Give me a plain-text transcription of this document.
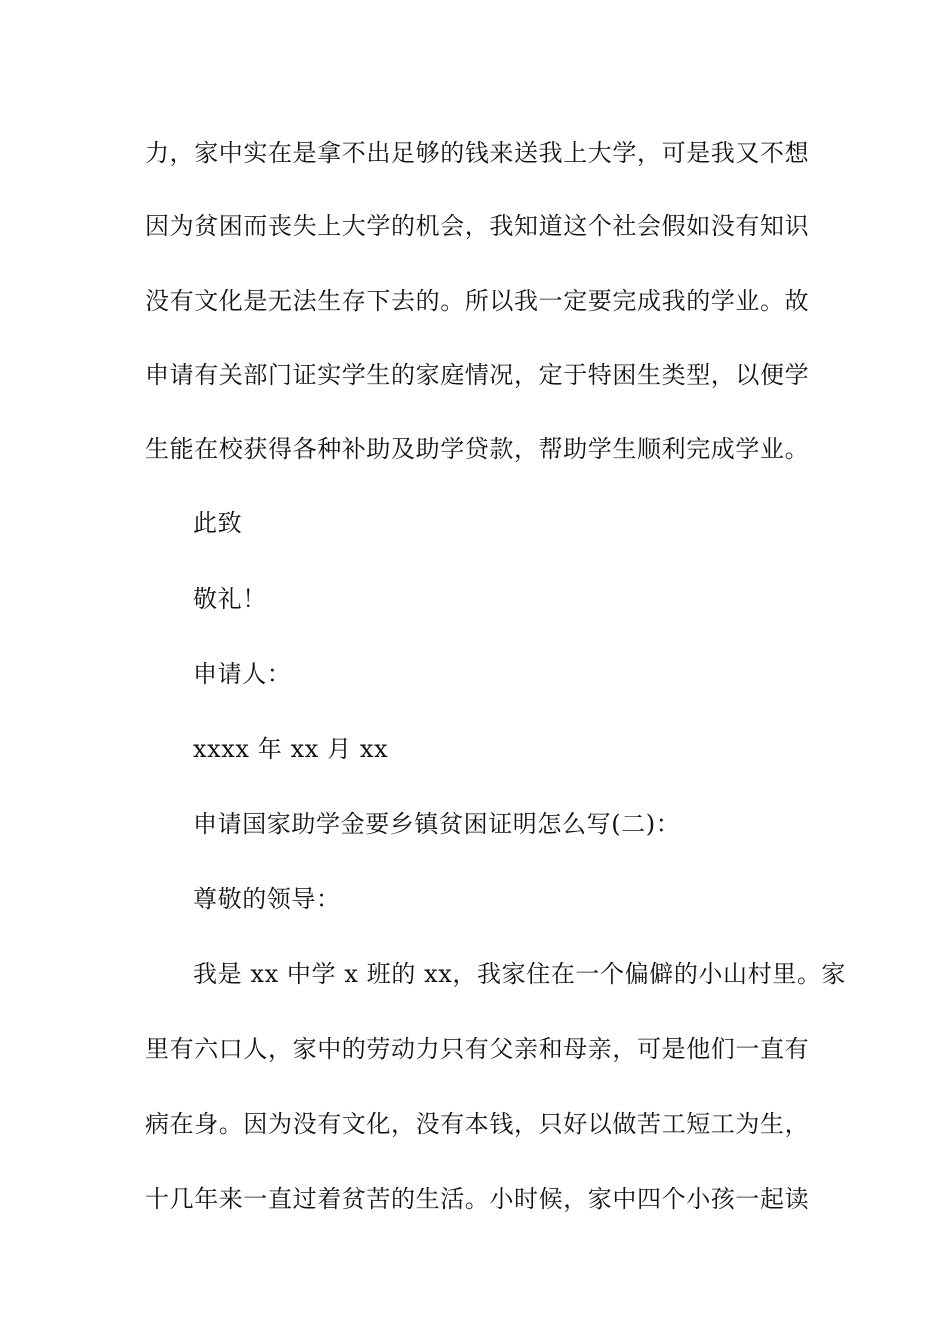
力，家中实在是拿不出足够的钱来送我上大学，可是我又不想
因为贫困而丧失上大学的机会，我知道这个社会假如没有知识
没有文化是无法生存下去的。所以我一定要完成我的学业。故
申请有关部门证实学生的家庭情况，定于特困生类型，以便学
生能在校获得各种补助及助学贷款，帮助学生顺利完成学业。
此致
敬礼！
申请人：
xxxx 年 xx 月 xx
申请国家助学金要乡镇贫困证明怎么写(二)：
尊敬的领导：
我是 xx 中学 x 班的 xx，我家住在一个偏僻的小山村里。家
里有六口人，家中的劳动力只有父亲和母亲，可是他们一直有
病在身。因为没有文化，没有本钱，只好以做苦工短工为生，
十几年来一直过着贫苦的生活。小时候，家中四个小孩一起读
